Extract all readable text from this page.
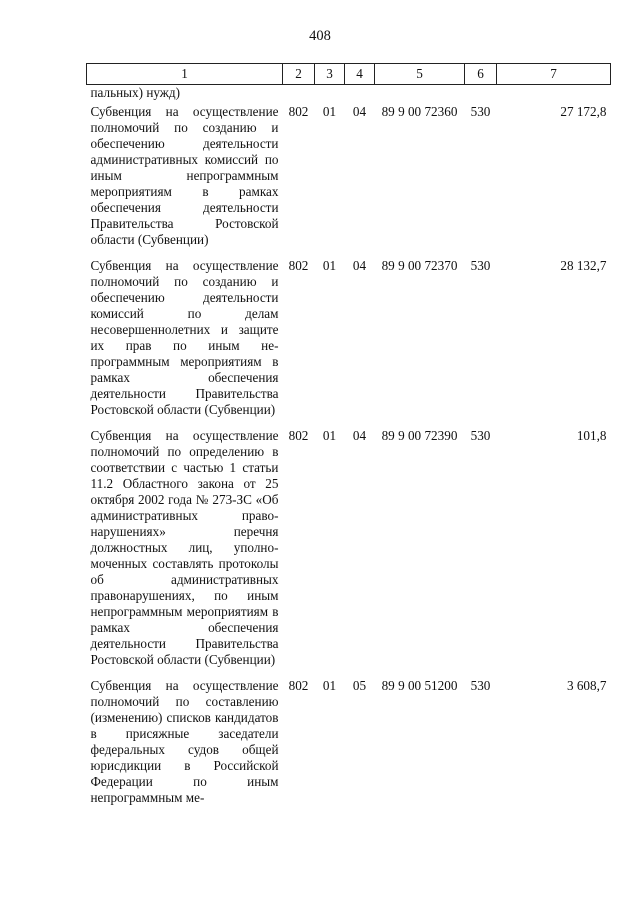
408
1	2	3	4	5	6	7
пальных) нужд)						
Субвенция на осуществление полномочий по созданию и обеспечению деятельности административных комиссий по иным непрограммным мероприятиям в рамках обеспечения деятельности Правительства Ростовской области (Субвенции)	802	01	04	89 9 00 72360	530	27 172,8
Субвенция на осуществление полномочий по созданию и обеспечению деятельности комиссий по делам несовершеннолетних и защите их прав по иным непрограммным мероприятиям в рамках обеспечения деятельности Правительства Ростовской области (Субвенции)	802	01	04	89 9 00 72370	530	28 132,7
Субвенция на осуществление полномочий по определению в соответствии с частью 1 статьи 11.2 Областного закона от 25 октября 2002 года № 273-ЗС «Об административных правонарушениях» перечня должностных лиц, уполномоченных составлять протоколы об административных правонарушениях, по иным непрограммным мероприятиям в рамках обеспечения деятельности Правительства Ростовской области (Субвенции)	802	01	04	89 9 00 72390	530	101,8
Субвенция на осуществление полномочий по составлению (изменению) списков кандидатов в присяжные заседатели федеральных судов общей юрисдикции в Российской Федерации по иным непрограммным ме-	802	01	05	89 9 00 51200	530	3 608,7
